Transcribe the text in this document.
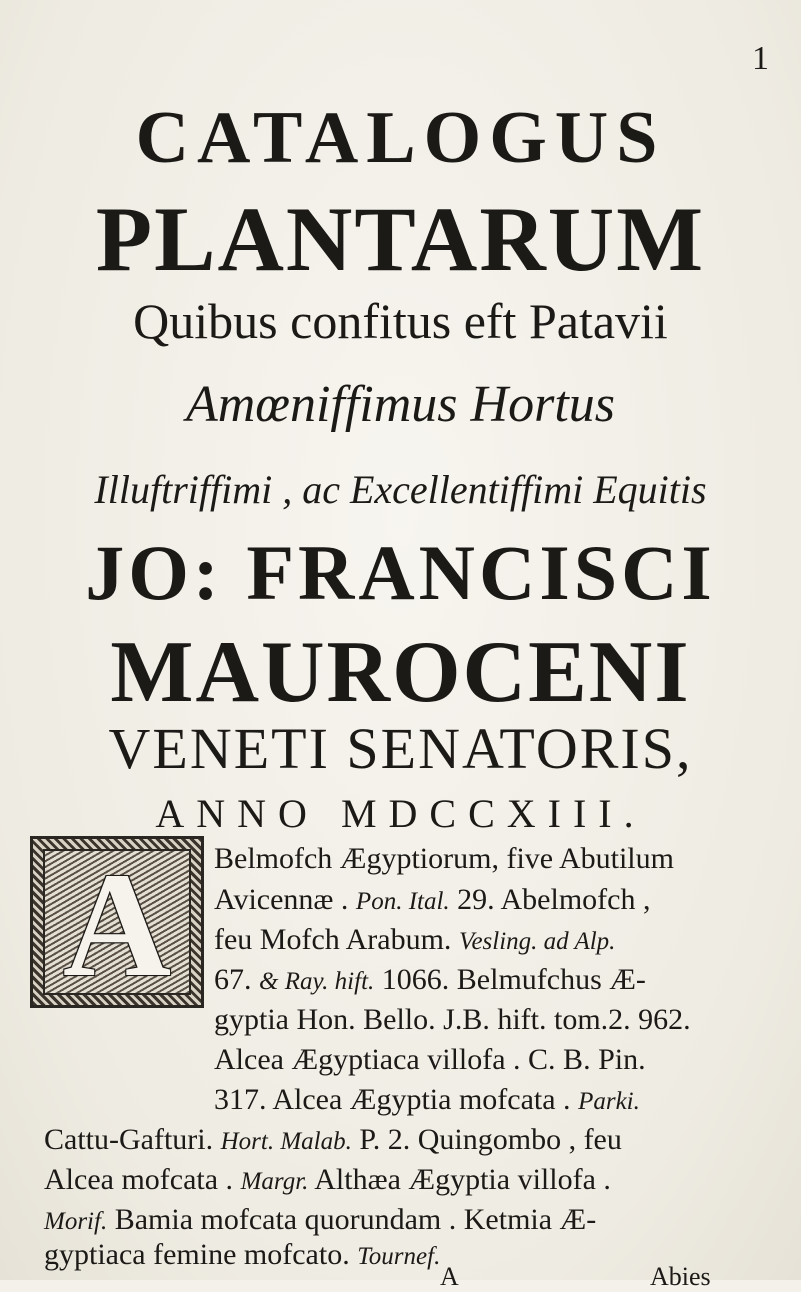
1
CATALOGUS
PLANTARUM
Quibus confitus eft Patavii
Amœniffimus Hortus
Illuftriffimi , ac Excellentiffimi Equitis
JO: FRANCISCI
MAUROCENI
VENETI SENATORIS,
ANNO MDCCXIII.
A	Belmofch Ægyptiorum, five Abutilum
Avicennæ . Pon. Ital. 29. Abelmofch ,
feu Mofch Arabum. Vesling. ad Alp.
67. & Ray. hift. 1066. Belmufchus Æ-
gyptia Hon. Bello. J.B. hift. tom.2. 962.
Alcea Ægyptiaca villofa . C. B. Pin.
317. Alcea Ægyptia mofcata . Parki.
Cattu-Gafturi. Hort. Malab. P. 2. Quingombo , feu
Alcea mofcata . Margr. Althæa Ægyptia villofa .
Morif. Bamia mofcata quorundam . Ketmia Æ-
gyptiaca femine mofcato. Tournef.
A	Abies
